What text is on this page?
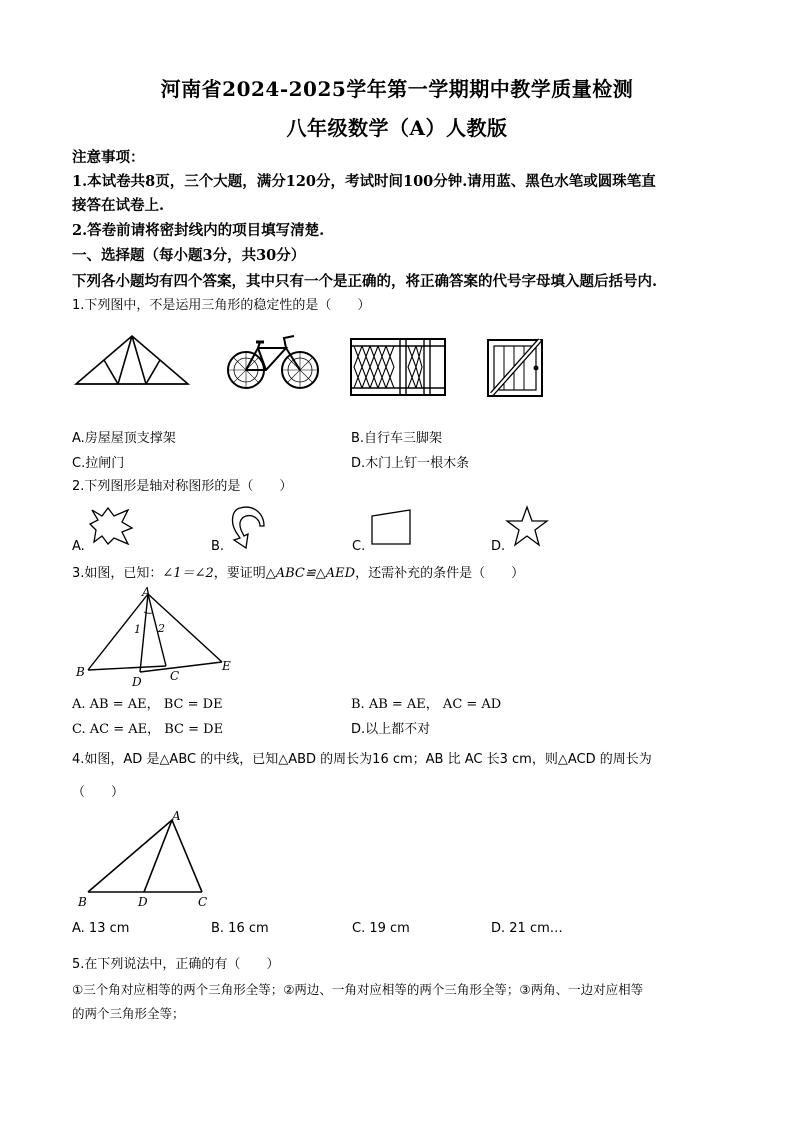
河南省2024-2025学年第一学期期中教学质量检测
八年级数学（A）人教版
注意事项：
1.本试卷共8页，三个大题，满分120分，考试时间100分钟.请用蓝、黑色水笔或圆珠笔直
接答在试卷上.
2.答卷前请将密封线内的项目填写清楚.
一、选择题（每小题3分，共30分）
下列各小题均有四个答案，其中只有一个是正确的，将正确答案的代号字母填入题后括号内.
1.下列图中，不是运用三角形的稳定性的是（　　）
A.房屋屋顶支撑架	B.自行车三脚架
C.拉闸门	D.木门上钉一根木条
2.下列图形是轴对称图形的是（　　）
A.	B.	C.	D.
3.如图，已知：∠1＝∠2，要证明△ABC≌△AED，还需补充的条件是（　　）
A
1 2
B
D C
E
A. AB = AE， BC = DE	B. AB = AE， AC = AD
C. AC = AE， BC = DE	D.以上都不对
4.如图，AD 是△ABC 的中线，已知△ABD 的周长为16 cm；AB 比 AC 长3 cm，则△ACD 的周长为
（　　）
A
B	D	C
A. 13 cm	B. 16 cm	C. 19 cm	D. 21 cm…
5.在下列说法中，正确的有（　　）
①三个角对应相等的两个三角形全等；②两边、一角对应相等的两个三角形全等；③两角、一边对应相等
的两个三角形全等；
